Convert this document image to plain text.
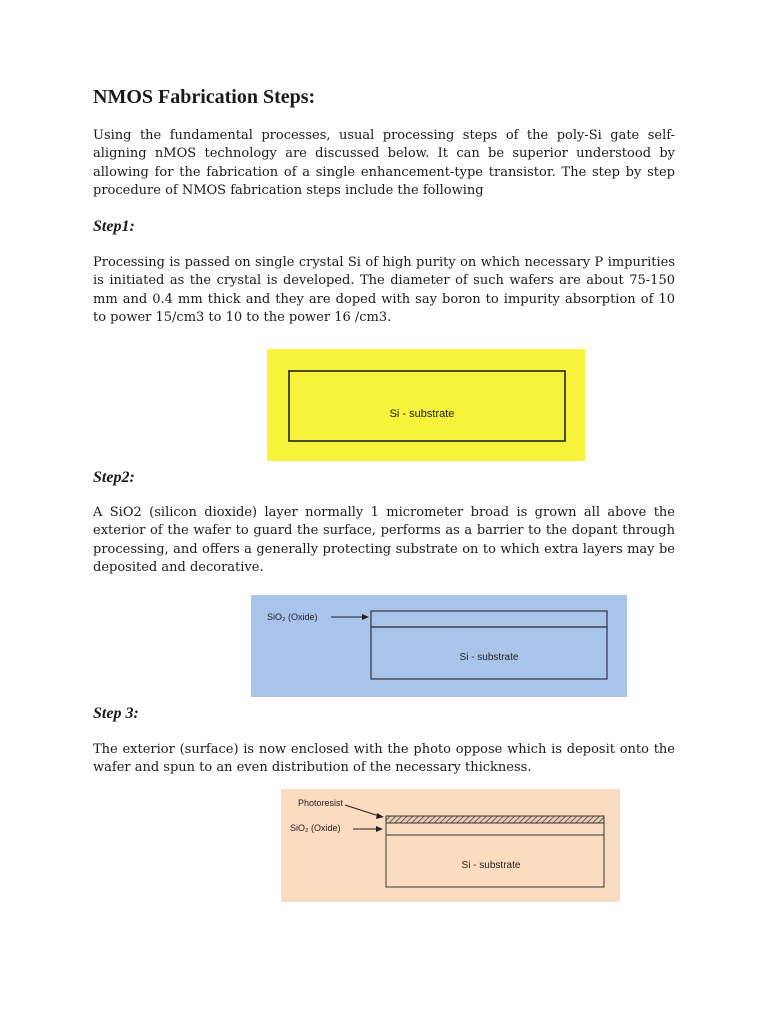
NMOS Fabrication Steps:

Using the fundamental processes, usual processing steps of the poly-Si gate self-aligning nMOS technology are discussed below. It can be superior understood by allowing for the fabrication of a single enhancement-type transistor. The step by step procedure of NMOS fabrication steps include the following

Step1:

Processing is passed on single crystal Si of high purity on which necessary P impurities is initiated as the crystal is developed. The diameter of such wafers are about 75-150 mm and 0.4 mm thick and they are doped with say boron to impurity absorption of 10 to power 15/cm3 to 10 to the power 16 /cm3.

Si - substrate
Step2:

A SiO2 (silicon dioxide) layer normally 1 micrometer broad is grown all above the exterior of the wafer to guard the surface, performs as a barrier to the dopant through processing, and offers a generally protecting substrate on to which extra layers may be deposited and decorative.

SiO₂ (Oxide)
Si - substrate
Step 3:

The exterior (surface) is now enclosed with the photo oppose which is deposit onto the wafer and spun to an even distribution of the necessary thickness.

Photoresist
SiO₂ (Oxide)
Si - substrate
